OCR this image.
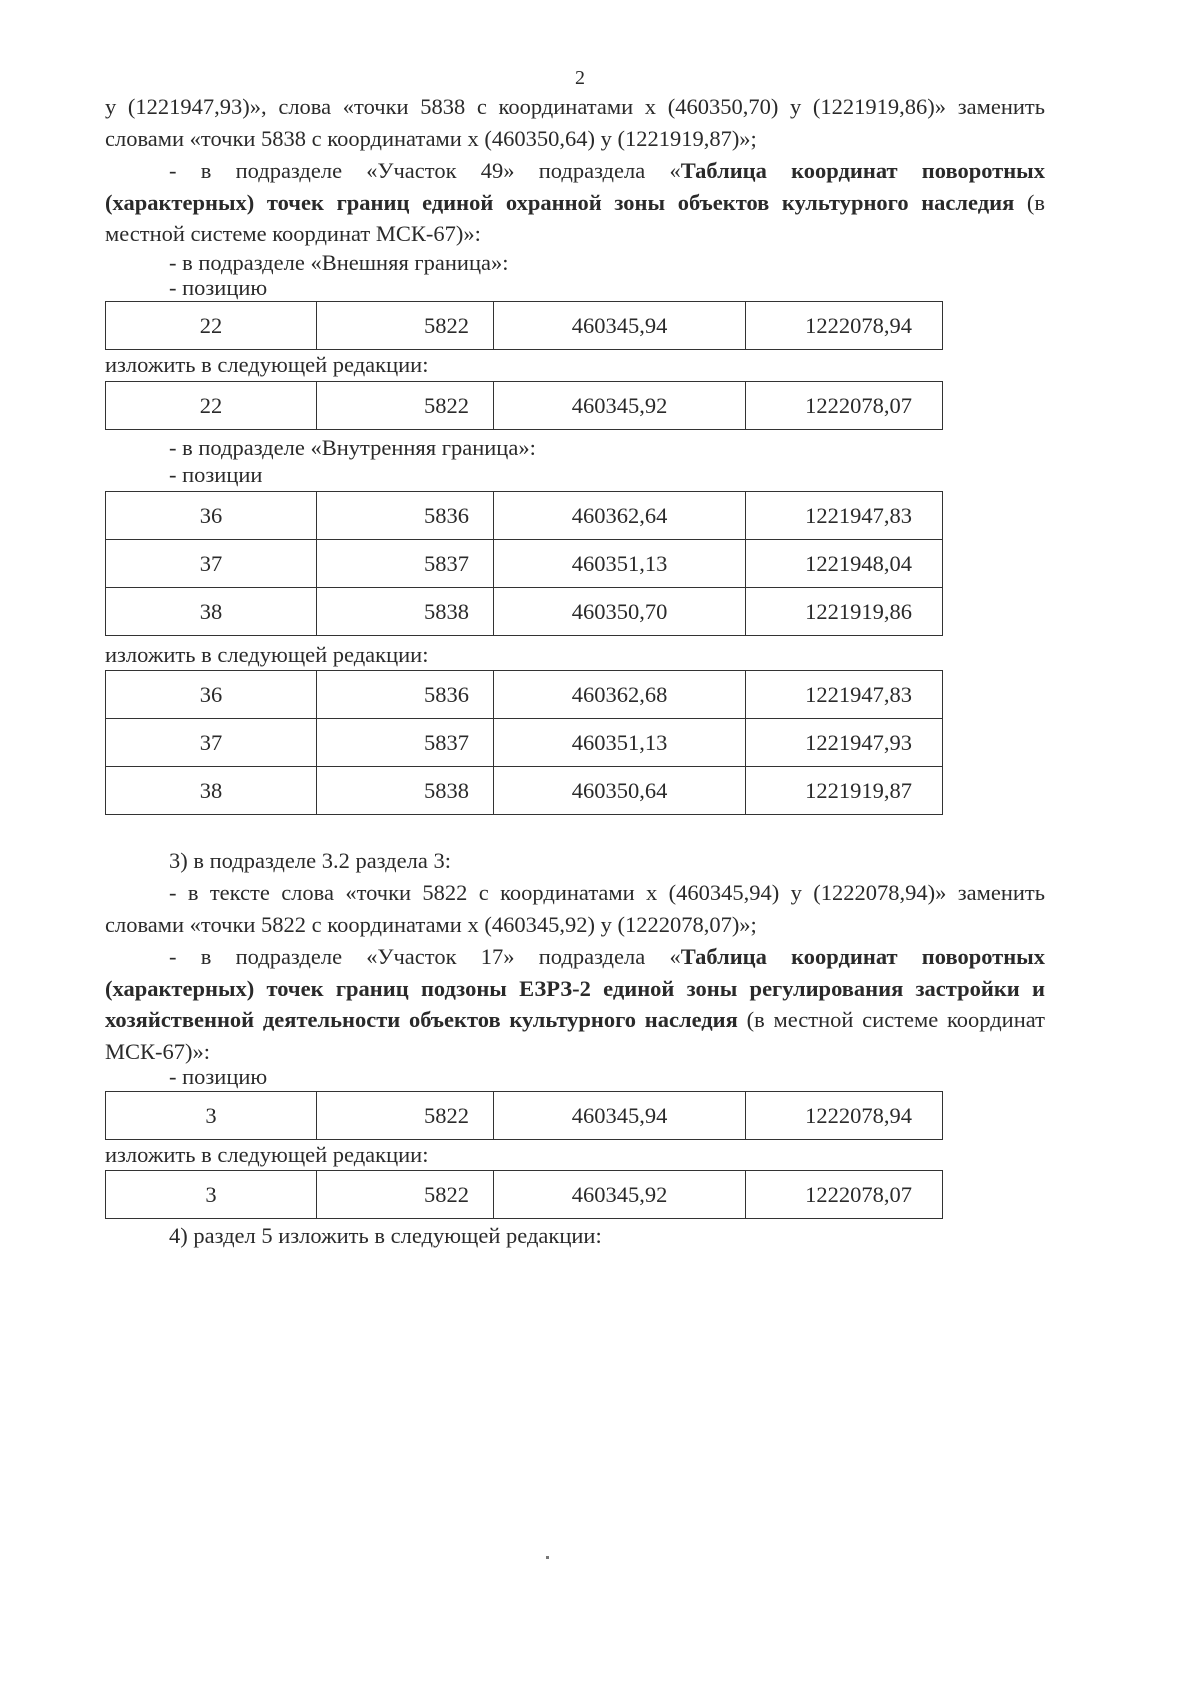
2

у (1221947,93)», слова «точки 5838 с координатами х (460350,70) у (1221919,86)» заменить словами «точки 5838 с координатами х (460350,64) у (1221919,87)»;

- в подразделе «Участок 49» подраздела «Таблица координат поворотных (характерных) точек границ единой охранной зоны объектов культурного наследия (в местной системе координат МСК-67)»:

- в подразделе «Внешняя граница»:

- позицию

22	5822	460345,94	1222078,94
изложить в следующей редакции:
22	5822	460345,92	1222078,07

- в подразделе «Внутренняя граница»:

- позиции

36	5836	460362,64	1221947,83
37	5837	460351,13	1221948,04
38	5838	460350,70	1221919,86
изложить в следующей редакции:
36	5836	460362,68	1221947,83
37	5837	460351,13	1221947,93
38	5838	460350,64	1221919,87

3) в подразделе 3.2 раздела 3:

- в тексте слова «точки 5822 с координатами х (460345,94) у (1222078,94)» заменить словами «точки 5822 с координатами х (460345,92) у (1222078,07)»;

- в подразделе «Участок 17» подраздела «Таблица координат поворотных (характерных) точек границ подзоны ЕЗРЗ-2 единой зоны регулирования застройки и хозяйственной деятельности объектов культурного наследия (в местной системе координат МСК-67)»:

- позицию

3	5822	460345,94	1222078,94
изложить в следующей редакции:
3	5822	460345,92	1222078,07

4) раздел 5 изложить в следующей редакции:
